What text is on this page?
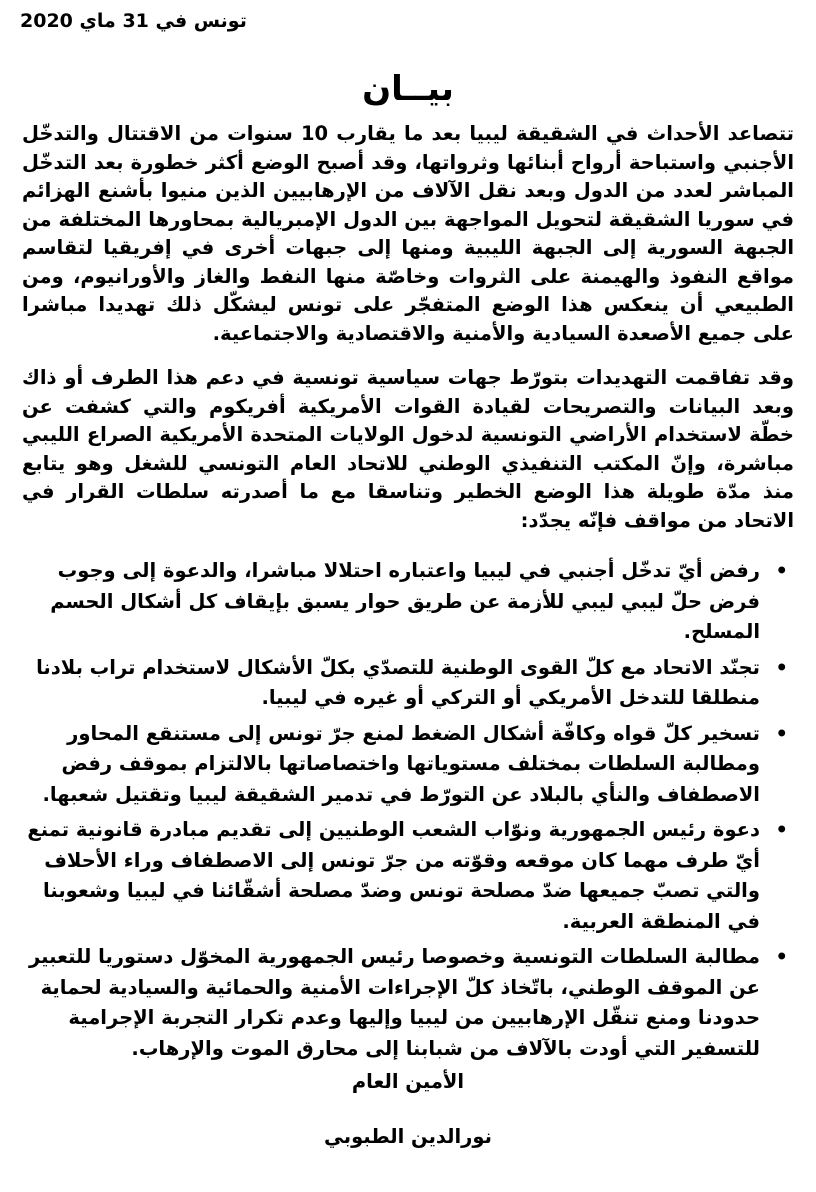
تونس في 31 ماي 2020
بيــان

تتصاعد الأحداث في الشقيقة ليبيا بعد ما يقارب 10 سنوات من الاقتتال والتدخّل الأجنبي واستباحة أرواح أبنائها وثرواتها، وقد أصبح الوضع أكثر خطورة بعد التدخّل المباشر لعدد من الدول وبعد نقل الآلاف من الإرهابيين الذين منيوا بأشنع الهزائم في سوريا الشقيقة لتحويل المواجهة بين الدول الإمبريالية بمحاورها المختلفة من الجبهة السورية إلى الجبهة الليبية ومنها إلى جبهات أخرى في إفريقيا لتقاسم مواقع النفوذ والهيمنة على الثروات وخاصّة منها النفط والغاز والأورانيوم، ومن الطبيعي أن ينعكس هذا الوضع المتفجّر على تونس ليشكّل ذلك تهديدا مباشرا على جميع الأصعدة السيادية والأمنية والاقتصادية والاجتماعية.

وقد تفاقمت التهديدات بتورّط جهات سياسية تونسية في دعم هذا الطرف أو ذاك وبعد البيانات والتصريحات لقيادة القوات الأمريكية أفريكوم والتي كشفت عن خطّة لاستخدام الأراضي التونسية لدخول الولايات المتحدة الأمريكية الصراع الليبي مباشرة، وإنّ المكتب التنفيذي الوطني للاتحاد العام التونسي للشغل وهو يتابع منذ مدّة طويلة هذا الوضع الخطير وتناسقا مع ما أصدرته سلطات القرار في الاتحاد من مواقف فإنّه يجدّد:

•
رفض أيّ تدخّل أجنبي في ليبيا واعتباره احتلالا مباشرا، والدعوة إلى وجوب فرض حلّ ليبي ليبي للأزمة عن طريق حوار يسبق بإيقاف كل أشكال الحسم المسلح.
•
تجنّد الاتحاد مع كلّ القوى الوطنية للتصدّي بكلّ الأشكال لاستخدام تراب بلادنا منطلقا للتدخل الأمريكي أو التركي أو غيره في ليبيا.
•
تسخير كلّ قواه وكافّة أشكال الضغط لمنع جرّ تونس إلى مستنقع المحاور ومطالبة السلطات بمختلف مستوياتها واختصاصاتها بالالتزام بموقف رفض الاصطفاف والنأي بالبلاد عن التورّط في تدمير الشقيقة ليبيا وتقتيل شعبها.
•
دعوة رئيس الجمهورية ونوّاب الشعب الوطنيين إلى تقديم مبادرة قانونية تمنع أيّ طرف مهما كان موقعه وقوّته من جرّ تونس إلى الاصطفاف وراء الأحلاف والتي تصبّ جميعها ضدّ مصلحة تونس وضدّ مصلحة أشقّائنا في ليبيا وشعوبنا في المنطقة العربية.
•
مطالبة السلطات التونسية وخصوصا رئيس الجمهورية المخوّل دستوريا للتعبير عن الموقف الوطني، باتّخاذ كلّ الإجراءات الأمنية والحمائية والسيادية لحماية حدودنا ومنع تنقّل الإرهابيين من ليبيا وإليها وعدم تكرار التجربة الإجرامية للتسفير التي أودت بالآلاف من شبابنا إلى محارق الموت والإرهاب.
الأمين العام
نورالدين الطبوبي
